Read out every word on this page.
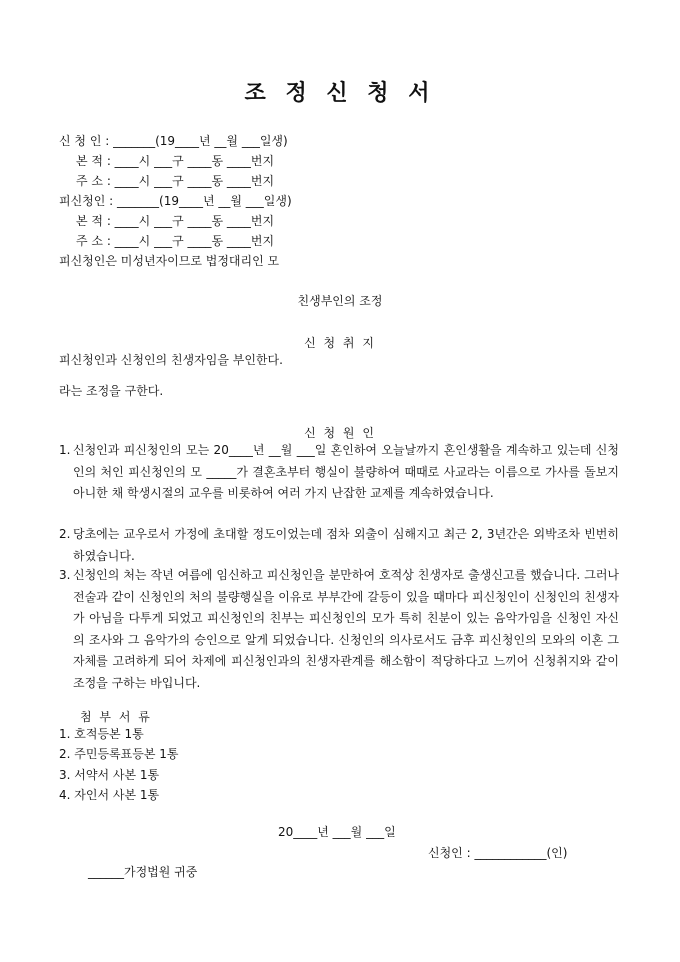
조 정 신 청 서
신 청 인 : _______(19____년 __월 ___일생)
본 적 : ____시 ___구 ____동 ____번지
주 소 : ____시 ___구 ____동 ____번지
피신청인 : _______(19____년 __월 ___일생)
본 적 : ____시 ___구 ____동 ____번지
주 소 : ____시 ___구 ____동 ____번지
피신청인은 미성년자이므로 법정대리인 모
친생부인의 조정
신 청 취 지
피신청인과 신청인의 친생자임을 부인한다.
라는 조정을 구한다.
신 청 원 인
1. 신청인과 피신청인의 모는 20____년 __월 ___일 혼인하여 오늘날까지 혼인생활을 계속하고 있는데 신청인의 처인 피신청인의 모 _____가 결혼초부터 행실이 불량하여 때때로 사교라는 이름으로 가사를 돌보지 아니한 채 학생시절의 교우를 비롯하여 여러 가지 난잡한 교제를 계속하였습니다.
2. 당초에는 교우로서 가정에 초대할 정도이었는데 점차 외출이 심해지고 최근 2, 3년간은 외박조차 빈번히 하였습니다.
3. 신청인의 처는 작년 여름에 임신하고 피신청인을 분만하여 호적상 친생자로 출생신고를 했습니다. 그러나 전술과 같이 신청인의 처의 불량행실을 이유로 부부간에 갈등이 있을 때마다 피신청인이 신청인의 친생자가 아님을 다투게 되었고 피신청인의 친부는 피신청인의 모가 특히 친분이 있는 음악가임을 신청인 자신의 조사와 그 음악가의 승인으로 알게 되었습니다. 신청인의 의사로서도 금후 피신청인의 모와의 이혼 그 자체를 고려하게 되어 차제에 피신청인과의 친생자관계를 해소함이 적당하다고 느끼어 신청취지와 같이 조정을 구하는 바입니다.
첨 부 서 류
1. 호적등본 1통
2. 주민등록표등본 1통
3. 서약서 사본 1통
4. 자인서 사본 1통
20____년 ___월 ___일
신청인 : ____________(인)
______가정법원 귀중
